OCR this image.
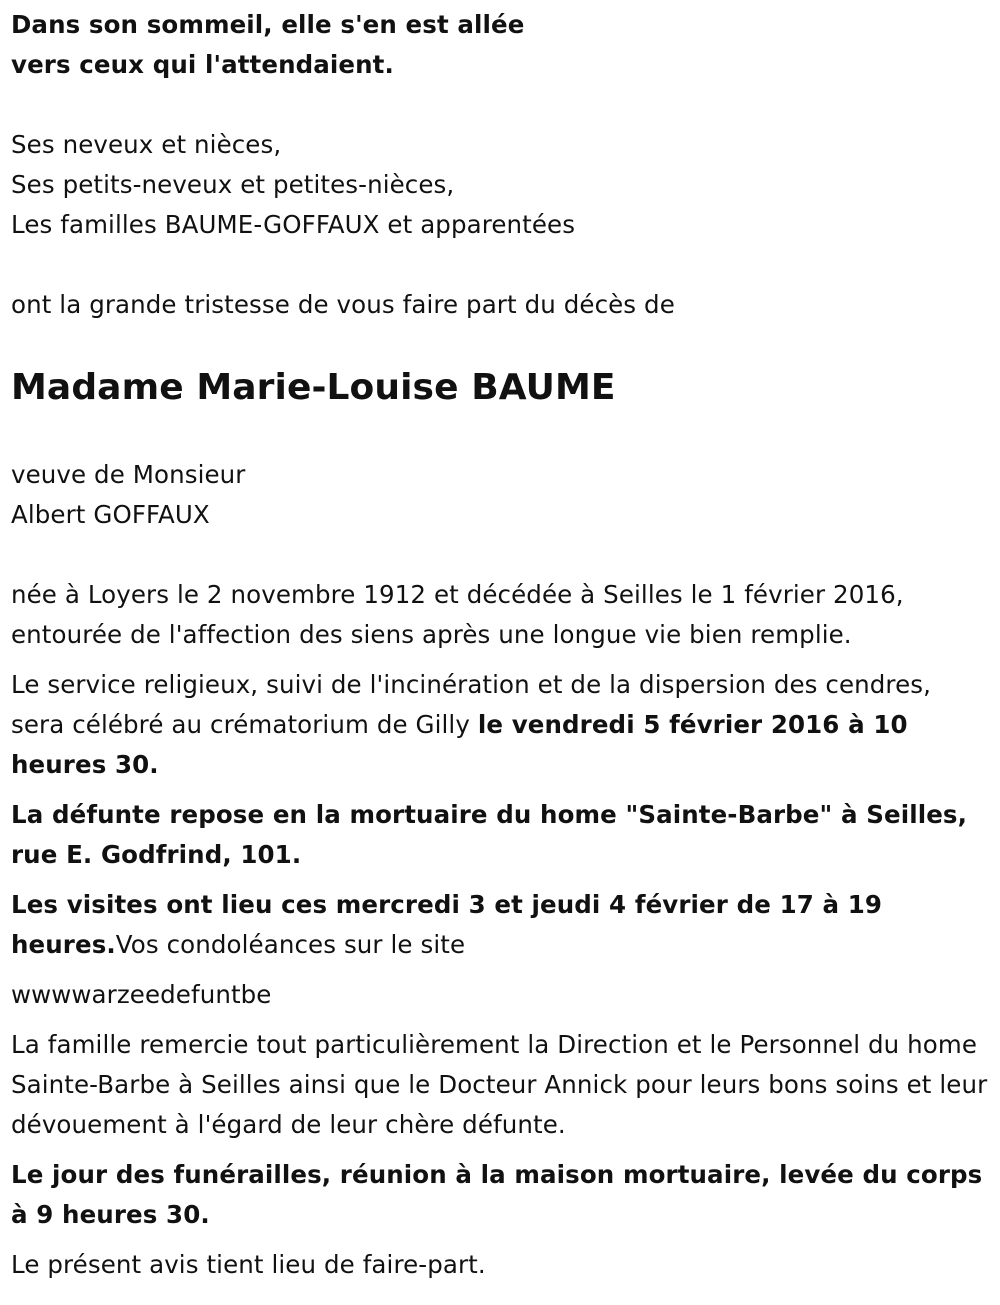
Dans son sommeil, elle s'en est allée

vers ceux qui l'attendaient.

Ses neveux et nièces,

Ses petits-neveux et petites-nièces,

Les familles BAUME-GOFFAUX et apparentées

ont la grande tristesse de vous faire part du décès de

Madame Marie-Louise BAUME

veuve de Monsieur

Albert GOFFAUX

née à Loyers le 2 novembre 1912 et décédée à Seilles le 1 février 2016,

entourée de l'affection des siens après une longue vie bien remplie.

Le service religieux, suivi de l'incinération et de la dispersion des cendres, sera célébré au crématorium de Gilly le vendredi 5 février 2016 à 10 heures 30.

La défunte repose en la mortuaire du home "Sainte-Barbe" à Seilles, rue E. Godfrind, 101.

Les visites ont lieu ces mercredi 3 et jeudi 4 février de 17 à 19 heures.Vos condoléances sur le site

wwwwarzeedefuntbe

La famille remercie tout particulièrement la Direction et le Personnel du home Sainte-Barbe à Seilles ainsi que le Docteur Annick pour leurs bons soins et leur dévouement à l'égard de leur chère défunte.

Le jour des funérailles, réunion à la maison mortuaire, levée du corps à 9 heures 30.

Le présent avis tient lieu de faire-part.
